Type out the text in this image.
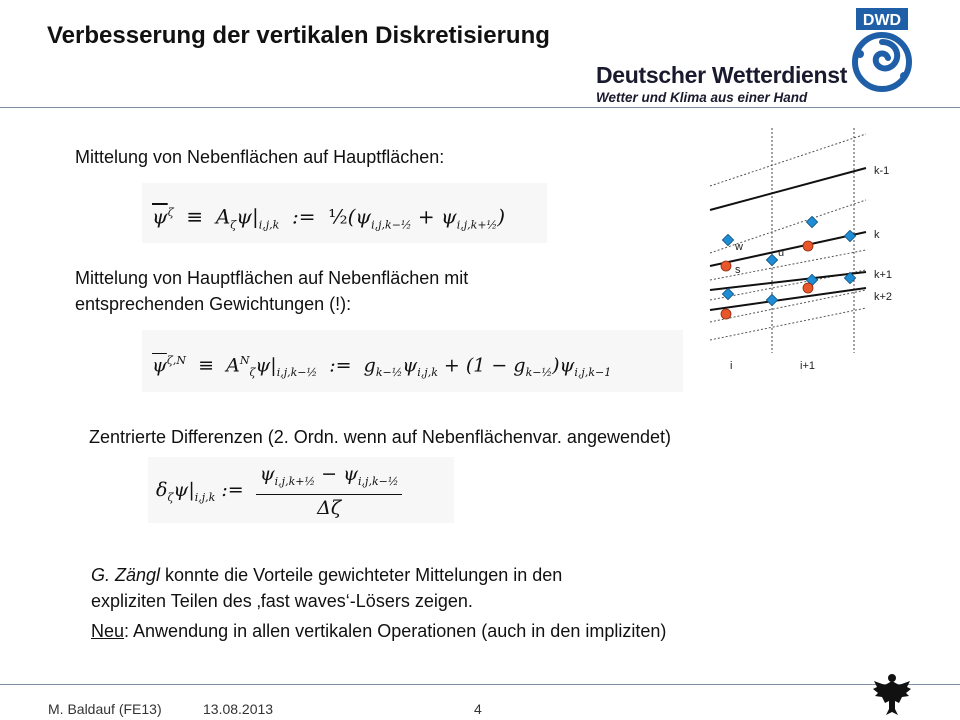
Verbesserung der vertikalen Diskretisierung
Deutscher Wetterdienst
Wetter und Klima aus einer Hand
DWD
Mittelung von Nebenflächen auf Hauptflächen:
$\overline{\psi}^\zeta \equiv A_\zeta\psi|_{i,j,k}$  :=  $\frac{1}{2}(\psi_{i,j,k-\frac{1}{2}} + \psi_{i,j,k+\frac{1}{2}})$
Mittelung von Hauptflächen auf Nebenflächen mit
entsprechenden Gewichtungen (!):
$\overline{\psi}^{\zeta,N} \equiv A^N_\zeta\psi|_{i,j,k-\frac{1}{2}}$  :=  $g_{k-\frac{1}{2}}\psi_{i,j,k} + (1 - g_{k-\frac{1}{2}})\psi_{i,j,k-1}$
Zentrierte Differenzen (2. Ordn. wenn auf Nebenflächenvar. angewendet)
$\delta_\zeta\psi|_{i,j,k}$ := $\frac{\psi_{i,j,k+\frac{1}{2}} - \psi_{i,j,k-\frac{1}{2}}}{\Delta\zeta}$
G. Zängl konnte die Vorteile gewichteter Mittelungen in den
expliziten Teilen des ‚fast waves‘-Lösers zeigen.
Neu: Anwendung in allen vertikalen Operationen (auch in den impliziten)
w
s
u
k-1
k
k+1
k+2
i	i+1
M. Baldauf (FE13)	13.08.2013	4
